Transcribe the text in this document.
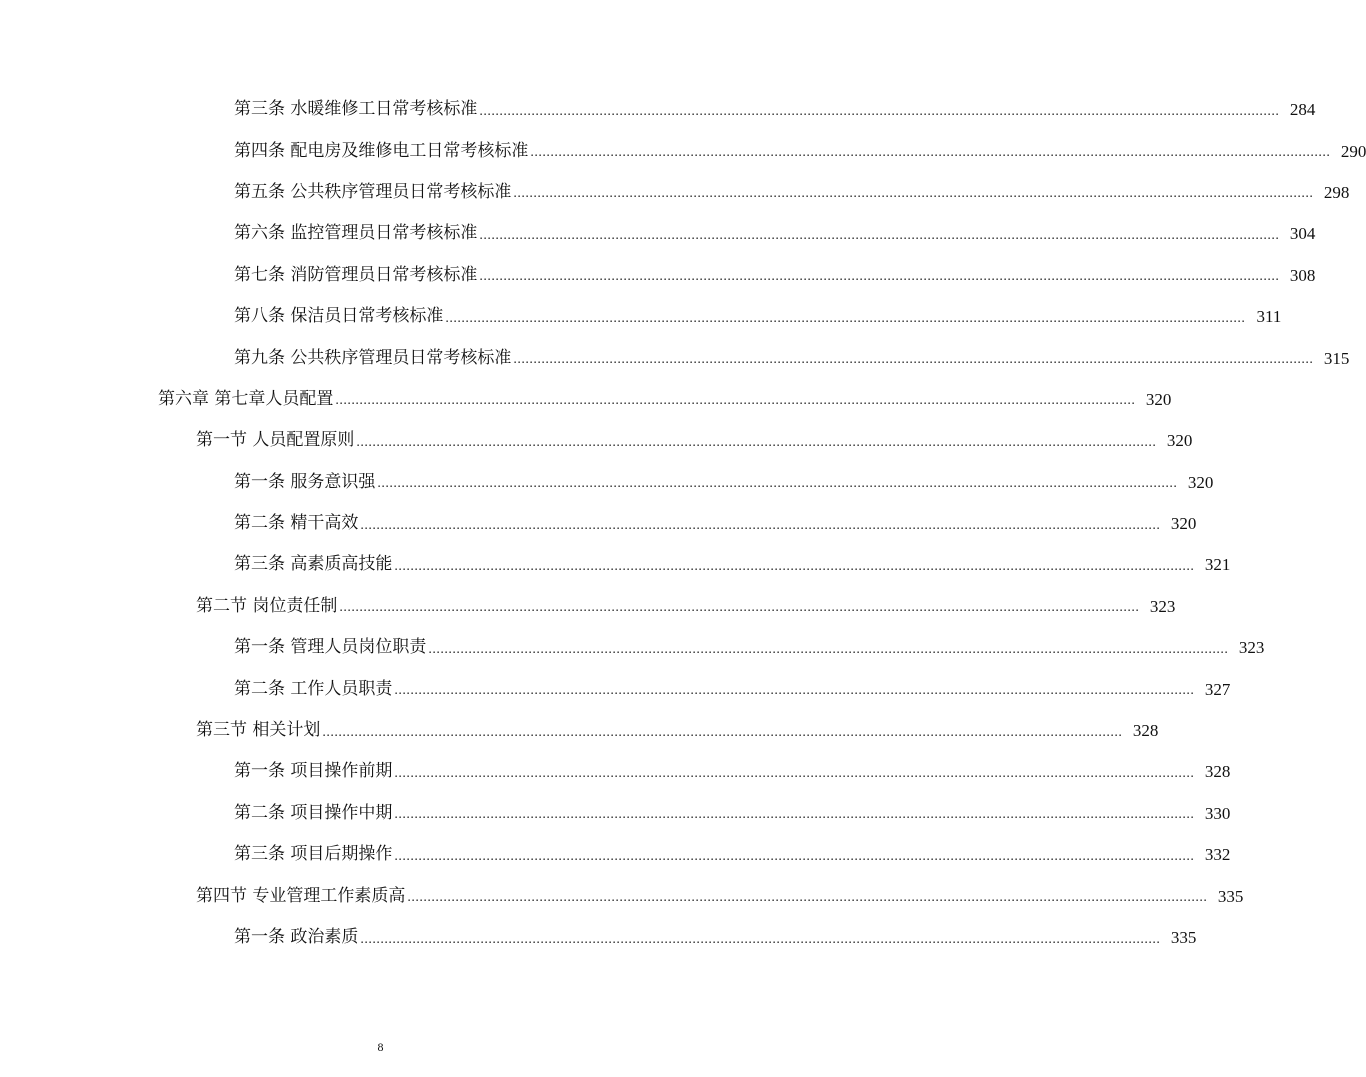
第三条 水暖维修工日常考核标准 ........................................................................................................................................................................................................ 284
第四条 配电房及维修电工日常考核标准 ........................................................................................................................................................................................................ 290
第五条 公共秩序管理员日常考核标准 ........................................................................................................................................................................................................ 298
第六条 监控管理员日常考核标准 ........................................................................................................................................................................................................ 304
第七条 消防管理员日常考核标准 ........................................................................................................................................................................................................ 308
第八条 保洁员日常考核标准 ........................................................................................................................................................................................................ 311
第九条 公共秩序管理员日常考核标准 ........................................................................................................................................................................................................ 315
第六章 第七章人员配置 ........................................................................................................................................................................................................ 320
第一节 人员配置原则 ........................................................................................................................................................................................................ 320
第一条 服务意识强 ........................................................................................................................................................................................................ 320
第二条 精干高效 ........................................................................................................................................................................................................ 320
第三条 高素质高技能 ........................................................................................................................................................................................................ 321
第二节 岗位责任制 ........................................................................................................................................................................................................ 323
第一条 管理人员岗位职责 ........................................................................................................................................................................................................ 323
第二条 工作人员职责 ........................................................................................................................................................................................................ 327
第三节 相关计划 ........................................................................................................................................................................................................ 328
第一条 项目操作前期 ........................................................................................................................................................................................................ 328
第二条 项目操作中期 ........................................................................................................................................................................................................ 330
第三条 项目后期操作 ........................................................................................................................................................................................................ 332
第四节 专业管理工作素质高 ........................................................................................................................................................................................................ 335
第一条 政治素质 ........................................................................................................................................................................................................ 335
8
